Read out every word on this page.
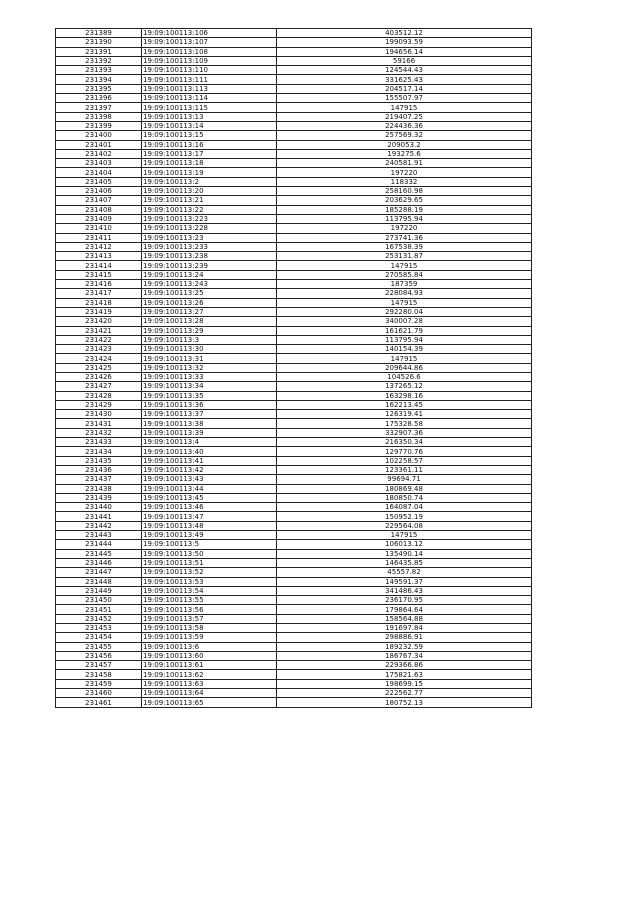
231389	19:09:100113:106	403512.12
231390	19:09:100113:107	199093.59
231391	19:09:100113:108	194656.14
231392	19:09:100113:109	59166
231393	19:09:100113:110	124544.43
231394	19:09:100113:111	331625.43
231395	19:09:100113:113	204517.14
231396	19:09:100113:114	155507.97
231397	19:09:100113:115	147915
231398	19:09:100113:13	219407.25
231399	19:09:100113:14	224436.36
231400	19:09:100113:15	257569.32
231401	19:09:100113:16	209053.2
231402	19:09:100113:17	193275.6
231403	19:09:100113:18	240581.91
231404	19:09:100113:19	197220
231405	19:09:100113:2	118332
231406	19:09:100113:20	258160.98
231407	19:09:100113:21	203629.65
231408	19:09:100113:22	185288.19
231409	19:09:100113:223	113795.94
231410	19:09:100113:228	197220
231411	19:09:100113:23	273741.36
231412	19:09:100113:233	167538.39
231413	19:09:100113:238	253131.87
231414	19:09:100113:239	147915
231415	19:09:100113:24	270585.84
231416	19:09:100113:243	187359
231417	19:09:100113:25	228084.93
231418	19:09:100113:26	147915
231419	19:09:100113:27	292280.04
231420	19:09:100113:28	340007.28
231421	19:09:100113:29	161621.79
231422	19:09:100113:3	113795.94
231423	19:09:100113:30	140154.39
231424	19:09:100113:31	147915
231425	19:09:100113:32	209644.86
231426	19:09:100113:33	104526.6
231427	19:09:100113:34	137265.12
231428	19:09:100113:35	163298.16
231429	19:09:100113:36	162213.45
231430	19:09:100113:37	126319.41
231431	19:09:100113:38	175328.58
231432	19:09:100113:39	332907.36
231433	19:09:100113:4	216350.34
231434	19:09:100113:40	129770.76
231435	19:09:100113:41	102258.57
231436	19:09:100113:42	123361.11
231437	19:09:100113:43	99694.71
231438	19:09:100113:44	180869.48
231439	19:09:100113:45	180850.74
231440	19:09:100113:46	164087.04
231441	19:09:100113:47	150952.19
231442	19:09:100113:48	229564.08
231443	19:09:100113:49	147915
231444	19:09:100113:5	106013.12
231445	19:09:100113:50	135490.14
231446	19:09:100113:51	146435.85
231447	19:09:100113:52	45557.82
231448	19:09:100113:53	149591.37
231449	19:09:100113:54	341486.43
231450	19:09:100113:55	236170.95
231451	19:09:100113:56	179864.64
231452	19:09:100113:57	158564.88
231453	19:09:100113:58	191697.84
231454	19:09:100113:59	298886.91
231455	19:09:100113:6	189232.59
231456	19:09:100113:60	186767.34
231457	19:09:100113:61	229366.86
231458	19:09:100113:62	175821.63
231459	19:09:100113:63	198699.15
231460	19:09:100113:64	222562.77
231461	19:09:100113:65	180752.13
